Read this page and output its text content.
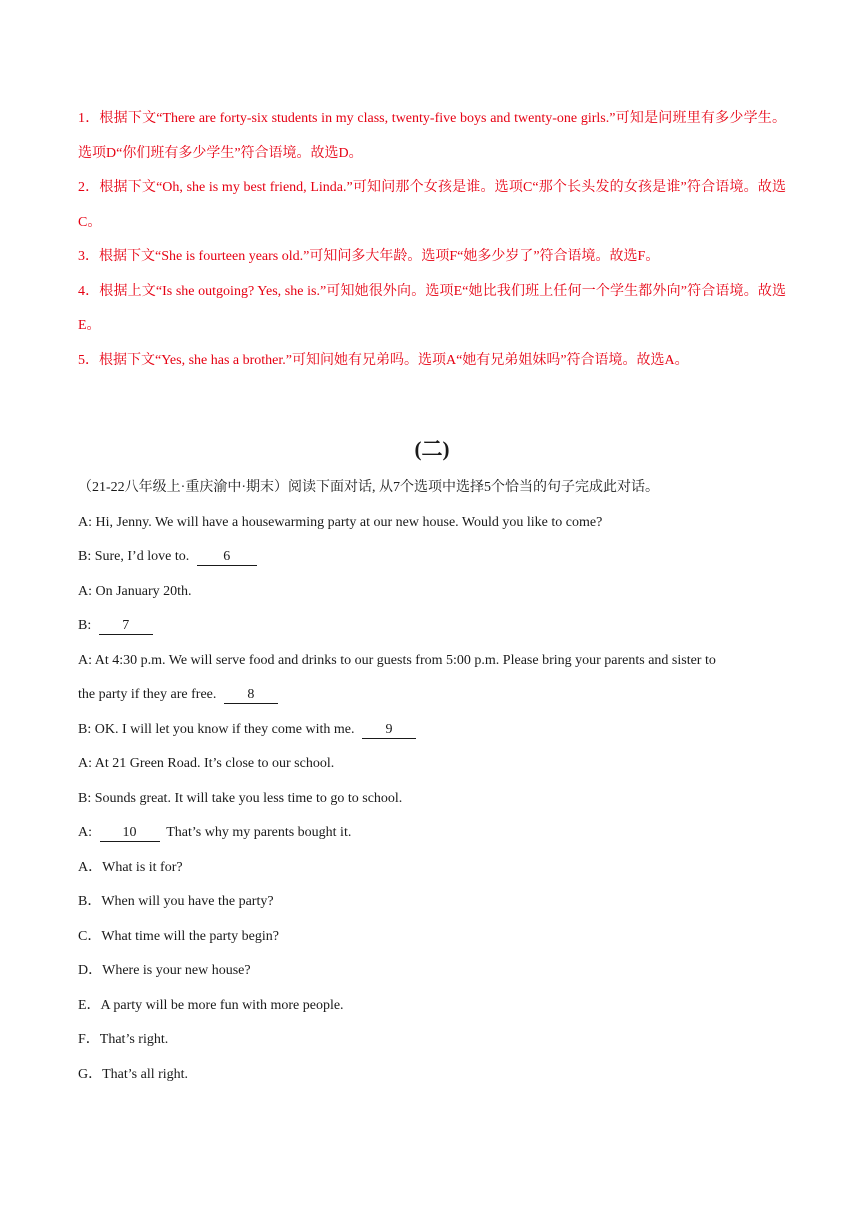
1．根据下文“There are forty-six students in my class, twenty-five boys and twenty-one girls.”可知是问班里有多少学生。选项D“你们班有多少学生”符合语境。故选D。

2．根据下文“Oh, she is my best friend, Linda.”可知问那个女孩是谁。选项C“那个长头发的女孩是谁”符合语境。故选C。

3．根据下文“She is fourteen years old.”可知问多大年龄。选项F“她多少岁了”符合语境。故选F。

4．根据上文“Is she outgoing? Yes, she is.”可知她很外向。选项E“她比我们班上任何一个学生都外向”符合语境。故选E。

5．根据下文“Yes, she has a brother.”可知问她有兄弟吗。选项A“她有兄弟姐妹吗”符合语境。故选A。

(二)

（21-22八年级上·重庆渝中·期末）阅读下面对话, 从7个选项中选择5个恰当的句子完成此对话。

A: Hi, Jenny. We will have a housewarming party at our new house. Would you like to come?

B: Sure, I’d love to. 6

A: On January 20th.

B: 7

A: At 4:30 p.m. We will serve food and drinks to our guests from 5:00 p.m. Please bring your parents and sister to

the party if they are free. 8

B: OK. I will let you know if they come with me. 9

A: At 21 Green Road. It’s close to our school.

B: Sounds great. It will take you less time to go to school.

A: 10 That’s why my parents bought it.

A．What is it for?

B．When will you have the party?

C．What time will the party begin?

D．Where is your new house?

E．A party will be more fun with more people.

F．That’s right.

G．That’s all right.
